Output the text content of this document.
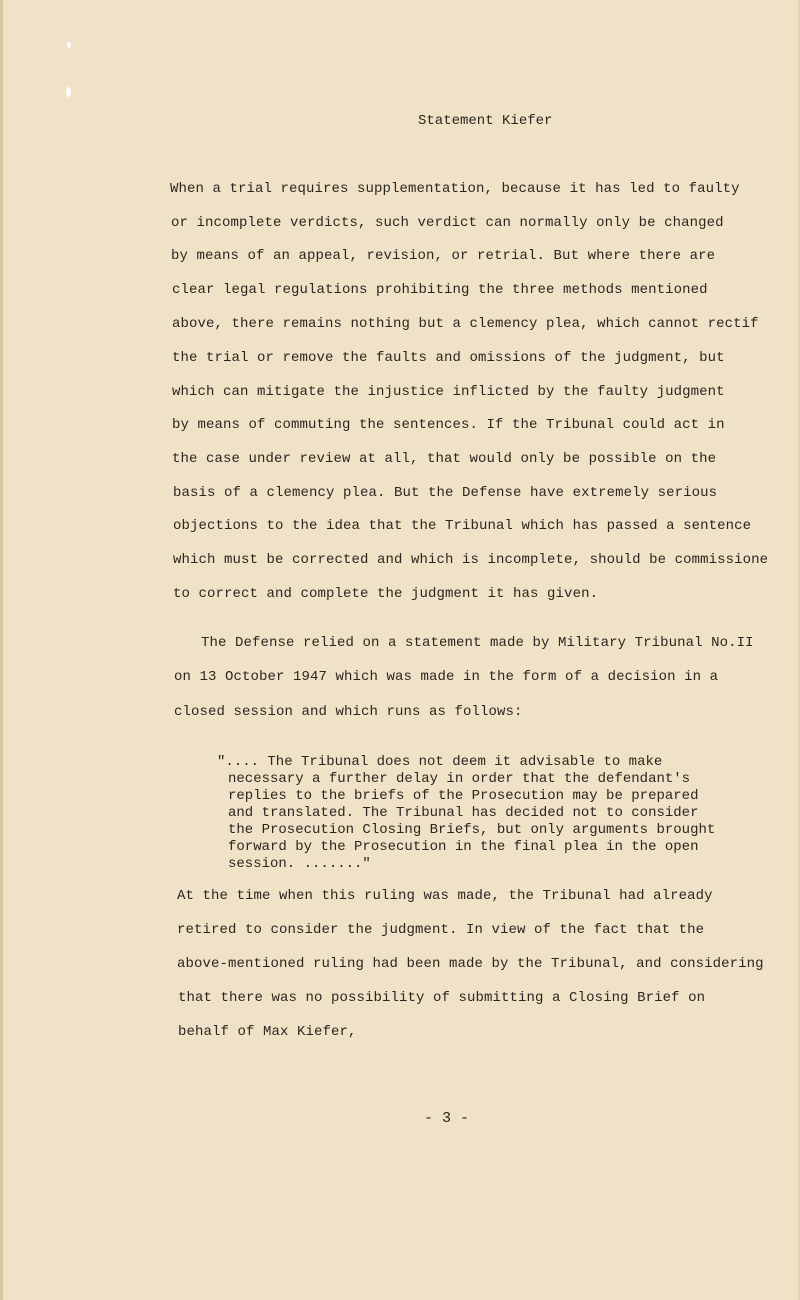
Statement Kiefer
When a trial requires supplementation, because it has led to faulty
or incomplete verdicts, such verdict can normally only be changed
by means of an appeal, revision, or retrial. But where there are
clear legal regulations prohibiting the three methods mentioned
above, there remains nothing but a clemency plea, which cannot rectif
the trial or remove the faults and omissions of the judgment, but
which can mitigate the injustice inflicted by the faulty judgment
by means of commuting the sentences. If the Tribunal could act in
the case under review at all, that would only be possible on the
basis of a clemency plea. But the Defense have extremely serious
objections to the idea that the Tribunal which has passed a sentence
which must be corrected and which is incomplete, should be commissione
to correct and complete the judgment it has given.
The Defense relied on a statement made by Military Tribunal No.II
on 13 October 1947 which was made in the form of a decision in a
closed session and which runs as follows:
".... The Tribunal does not deem it advisable to make
necessary a further delay in order that the defendant's
replies to the briefs of the Prosecution may be prepared
and translated. The Tribunal has decided not to consider
the Prosecution Closing Briefs, but only arguments brought
forward by the Prosecution in the final plea in the open
session. ......."
At the time when this ruling was made, the Tribunal had already
retired to consider the judgment. In view of the fact that the
above-mentioned ruling had been made by the Tribunal, and considering
that there was no possibility of submitting a Closing Brief on
behalf of Max Kiefer,
- 3 -
